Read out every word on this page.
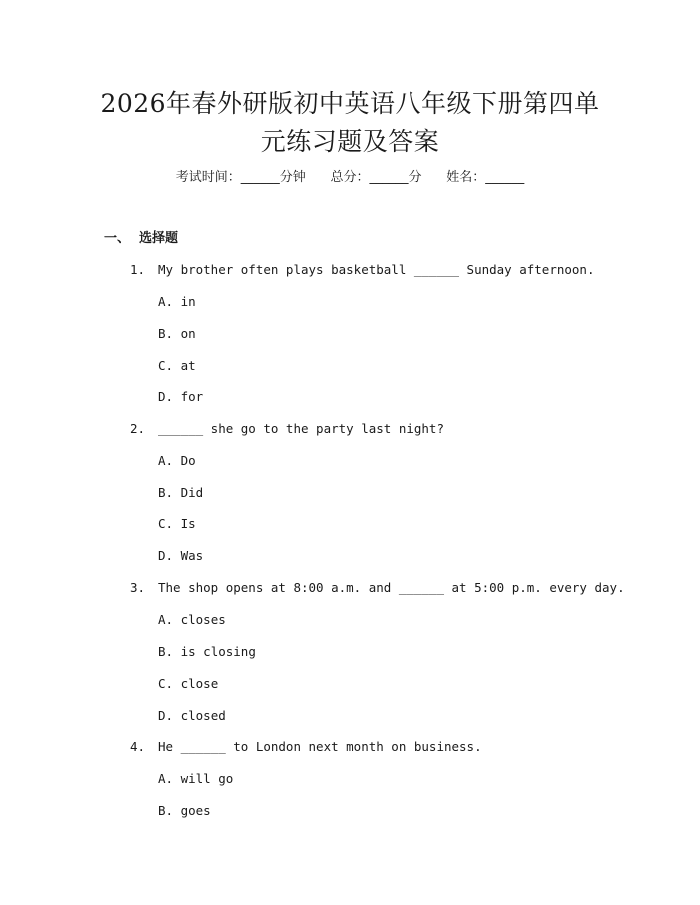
2026年春外研版初中英语八年级下册第四单
元练习题及答案
考试时间：______分钟      总分：______分      姓名：______
一、  选择题
1. My brother often plays basketball ______ Sunday afternoon.
A. in
B. on
C. at
D. for
2. ______ she go to the party last night?
A. Do
B. Did
C. Is
D. Was
3. The shop opens at 8:00 a.m. and ______ at 5:00 p.m. every day.
A. closes
B. is closing
C. close
D. closed
4. He ______ to London next month on business.
A. will go
B. goes
